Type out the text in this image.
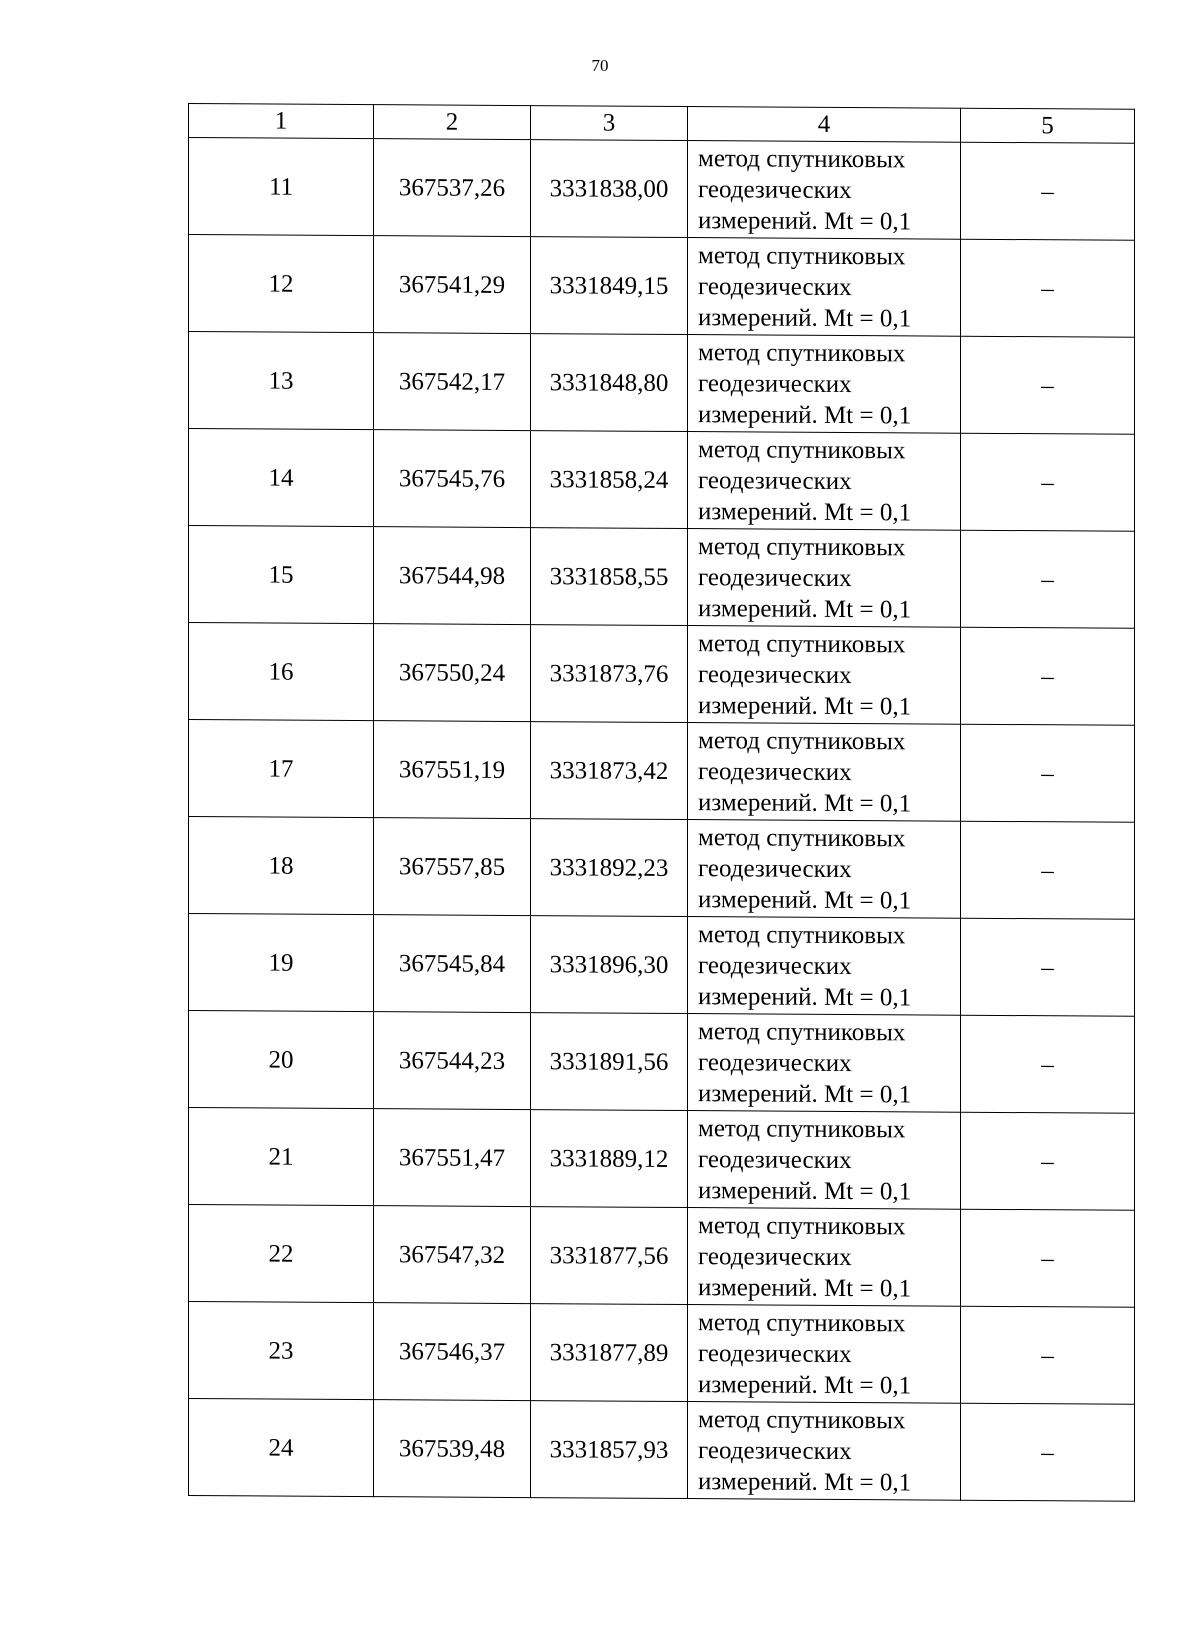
70
1	2	3	4	5
11	367537,26	3331838,00	метод спутниковых
геодезических
измерений. Mt = 0,1	–
12	367541,29	3331849,15	метод спутниковых
геодезических
измерений. Mt = 0,1	–
13	367542,17	3331848,80	метод спутниковых
геодезических
измерений. Mt = 0,1	–
14	367545,76	3331858,24	метод спутниковых
геодезических
измерений. Mt = 0,1	–
15	367544,98	3331858,55	метод спутниковых
геодезических
измерений. Mt = 0,1	–
16	367550,24	3331873,76	метод спутниковых
геодезических
измерений. Mt = 0,1	–
17	367551,19	3331873,42	метод спутниковых
геодезических
измерений. Mt = 0,1	–
18	367557,85	3331892,23	метод спутниковых
геодезических
измерений. Mt = 0,1	–
19	367545,84	3331896,30	метод спутниковых
геодезических
измерений. Mt = 0,1	–
20	367544,23	3331891,56	метод спутниковых
геодезических
измерений. Mt = 0,1	–
21	367551,47	3331889,12	метод спутниковых
геодезических
измерений. Mt = 0,1	–
22	367547,32	3331877,56	метод спутниковых
геодезических
измерений. Mt = 0,1	–
23	367546,37	3331877,89	метод спутниковых
геодезических
измерений. Mt = 0,1	–
24	367539,48	3331857,93	метод спутниковых
геодезических
измерений. Mt = 0,1	–
